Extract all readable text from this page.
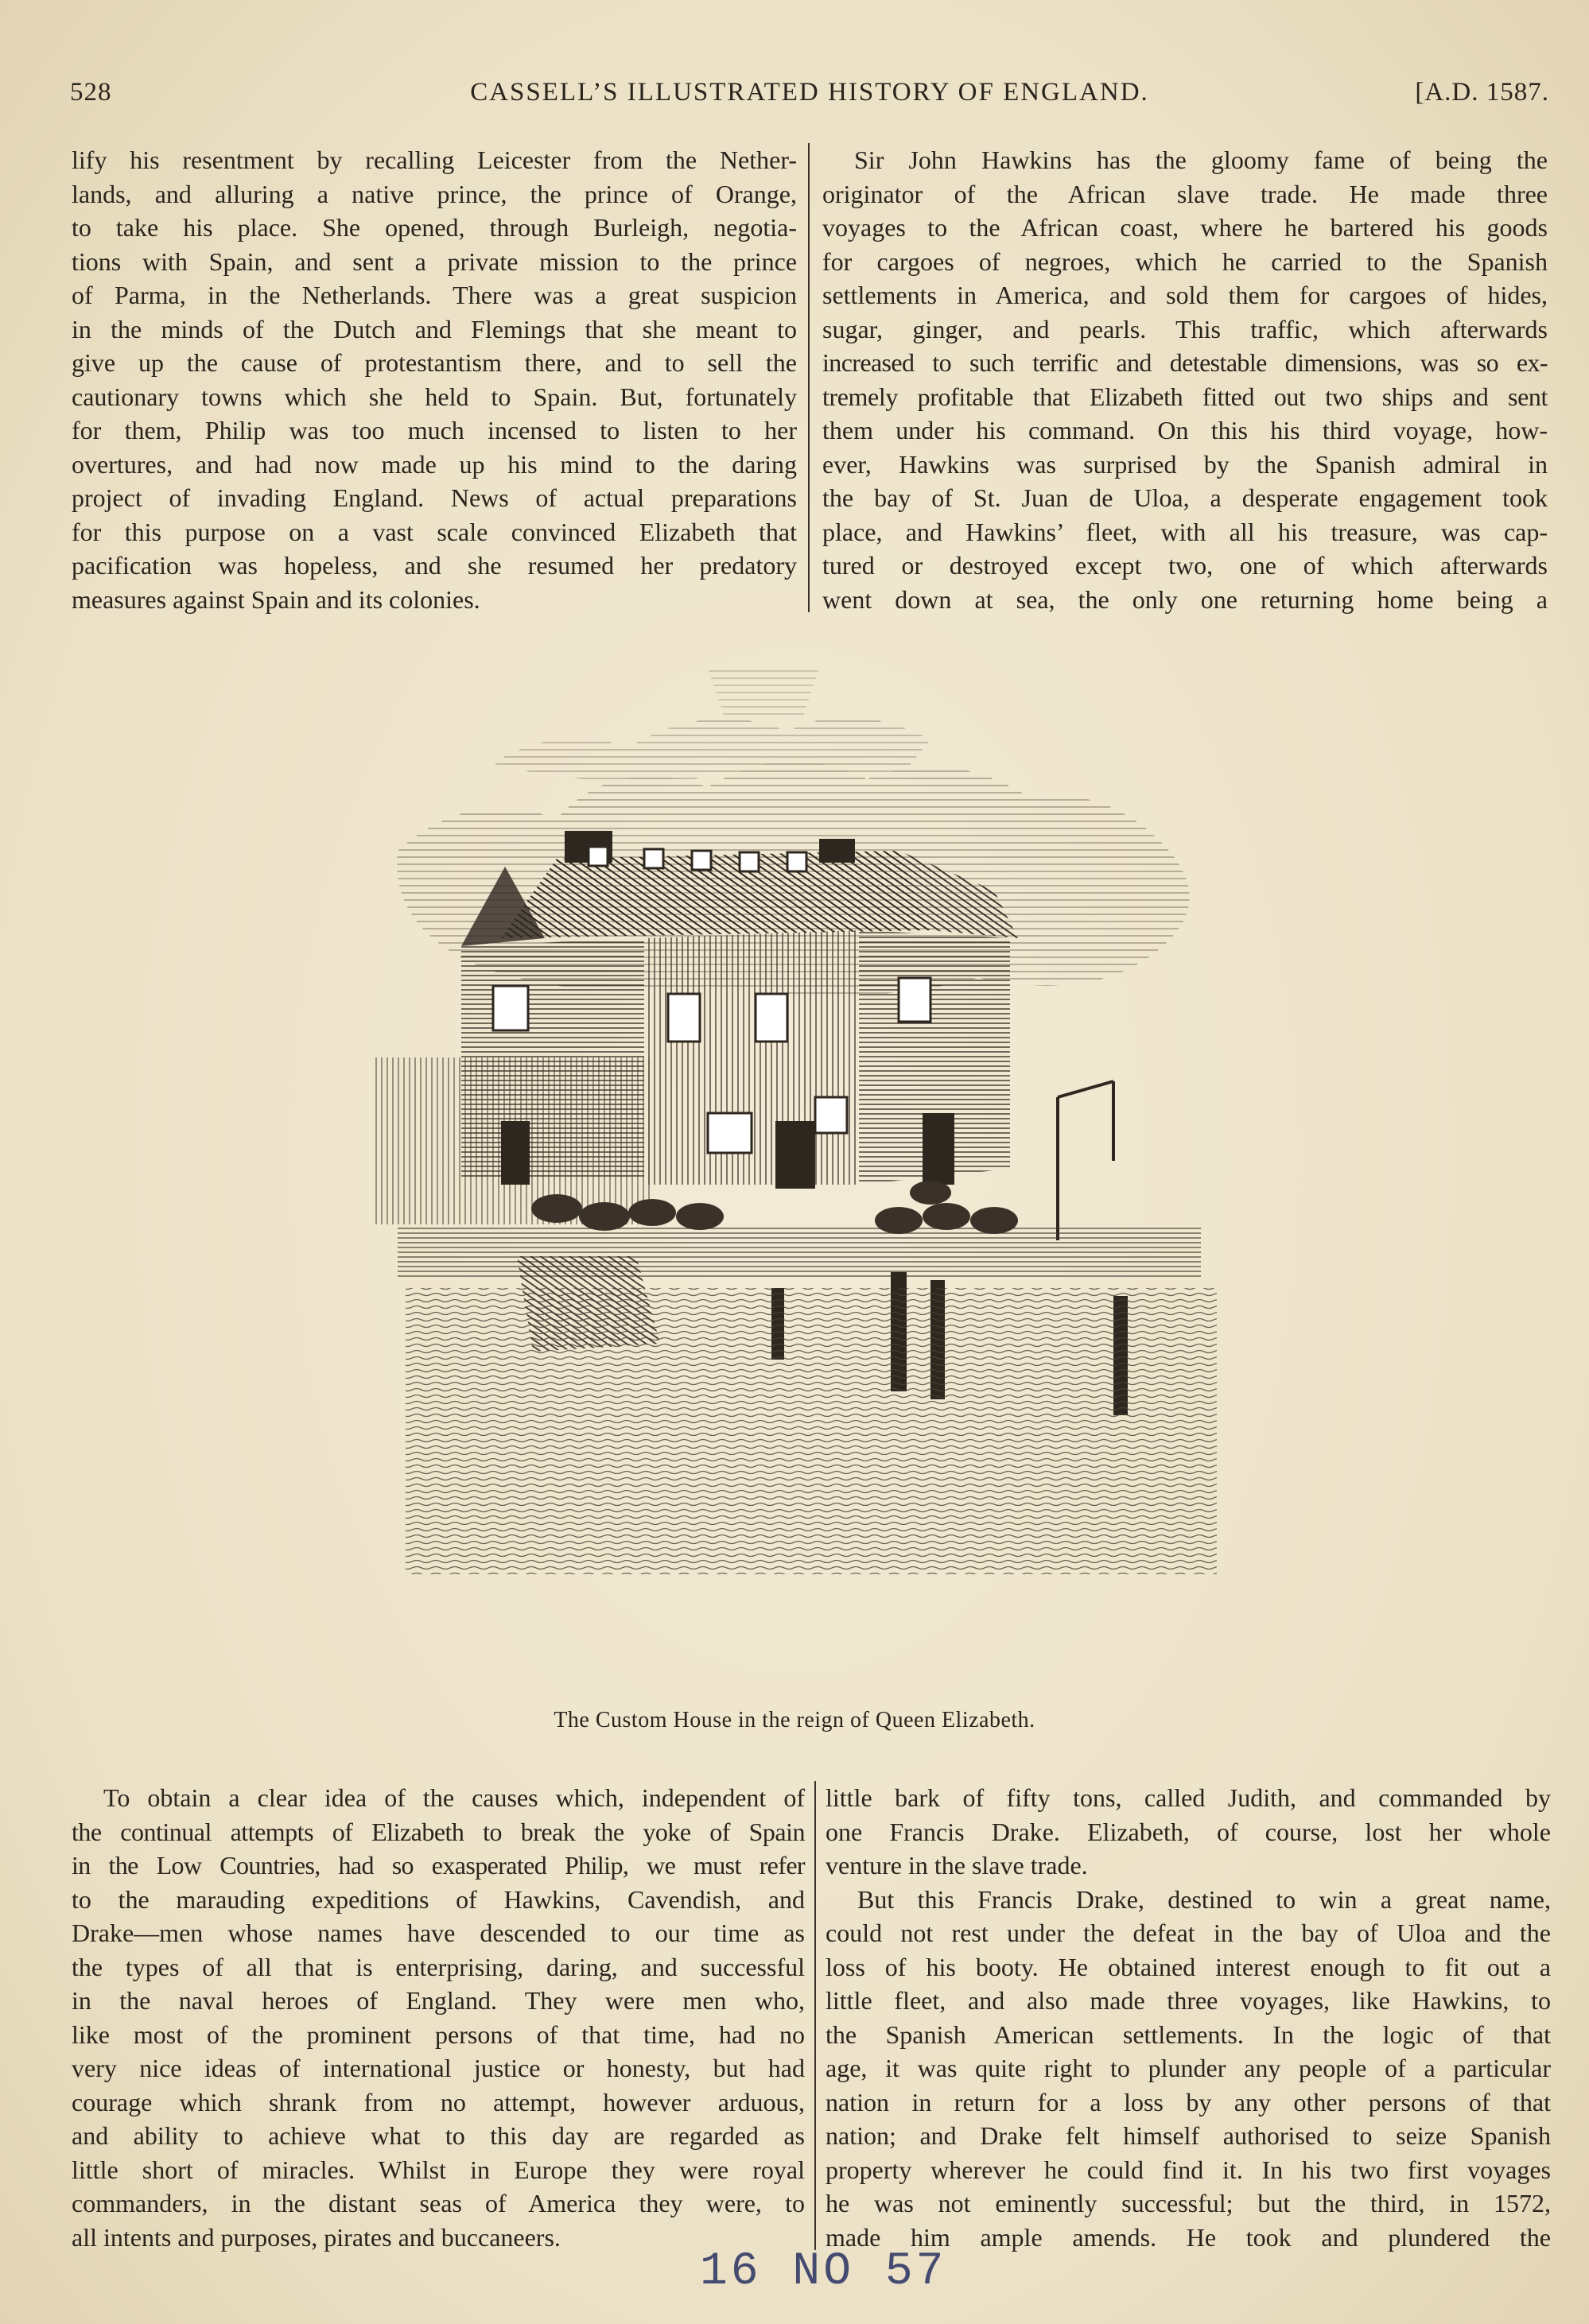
528	CASSELL’S ILLUSTRATED HISTORY OF ENGLAND.	[A.D. 1587.
lify his resentment by recalling Leicester from the Nether-
lands, and alluring a native prince, the prince of Orange,
to take his place. She opened, through Burleigh, negotia-
tions with Spain, and sent a private mission to the prince
of Parma, in the Netherlands. There was a great suspicion
in the minds of the Dutch and Flemings that she meant to
give up the cause of protestantism there, and to sell the
cautionary towns which she held to Spain. But, fortunately
for them, Philip was too much incensed to listen to her
overtures, and had now made up his mind to the daring
project of invading England. News of actual preparations
for this purpose on a vast scale convinced Elizabeth that
pacification was hopeless, and she resumed her predatory
measures against Spain and its colonies.
Sir John Hawkins has the gloomy fame of being the
originator of the African slave trade. He made three
voyages to the African coast, where he bartered his goods
for cargoes of negroes, which he carried to the Spanish
settlements in America, and sold them for cargoes of hides,
sugar, ginger, and pearls. This traffic, which afterwards
increased to such terrific and detestable dimensions, was so ex-
tremely profitable that Elizabeth fitted out two ships and sent
them under his command. On this his third voyage, how-
ever, Hawkins was surprised by the Spanish admiral in
the bay of St. Juan de Uloa, a desperate engagement took
place, and Hawkins’ fleet, with all his treasure, was cap-
tured or destroyed except two, one of which afterwards
went down at sea, the only one returning home being a
The Custom House in the reign of Queen Elizabeth.
To obtain a clear idea of the causes which, independent of
the continual attempts of Elizabeth to break the yoke of Spain
in the Low Countries, had so exasperated Philip, we must refer
to the marauding expeditions of Hawkins, Cavendish, and
Drake—men whose names have descended to our time as
the types of all that is enterprising, daring, and successful
in the naval heroes of England. They were men who,
like most of the prominent persons of that time, had no
very nice ideas of international justice or honesty, but had
courage which shrank from no attempt, however arduous,
and ability to achieve what to this day are regarded as
little short of miracles. Whilst in Europe they were royal
commanders, in the distant seas of America they were, to
all intents and purposes, pirates and buccaneers.
little bark of fifty tons, called Judith, and commanded by
one Francis Drake. Elizabeth, of course, lost her whole
venture in the slave trade.
But this Francis Drake, destined to win a great name,
could not rest under the defeat in the bay of Uloa and the
loss of his booty. He obtained interest enough to fit out a
little fleet, and also made three voyages, like Hawkins, to
the Spanish American settlements. In the logic of that
age, it was quite right to plunder any people of a particular
nation in return for a loss by any other persons of that
nation; and Drake felt himself authorised to seize Spanish
property wherever he could find it. In his two first voyages
he was not eminently successful; but the third, in 1572,
made him ample amends. He took and plundered the
16 NO 57
